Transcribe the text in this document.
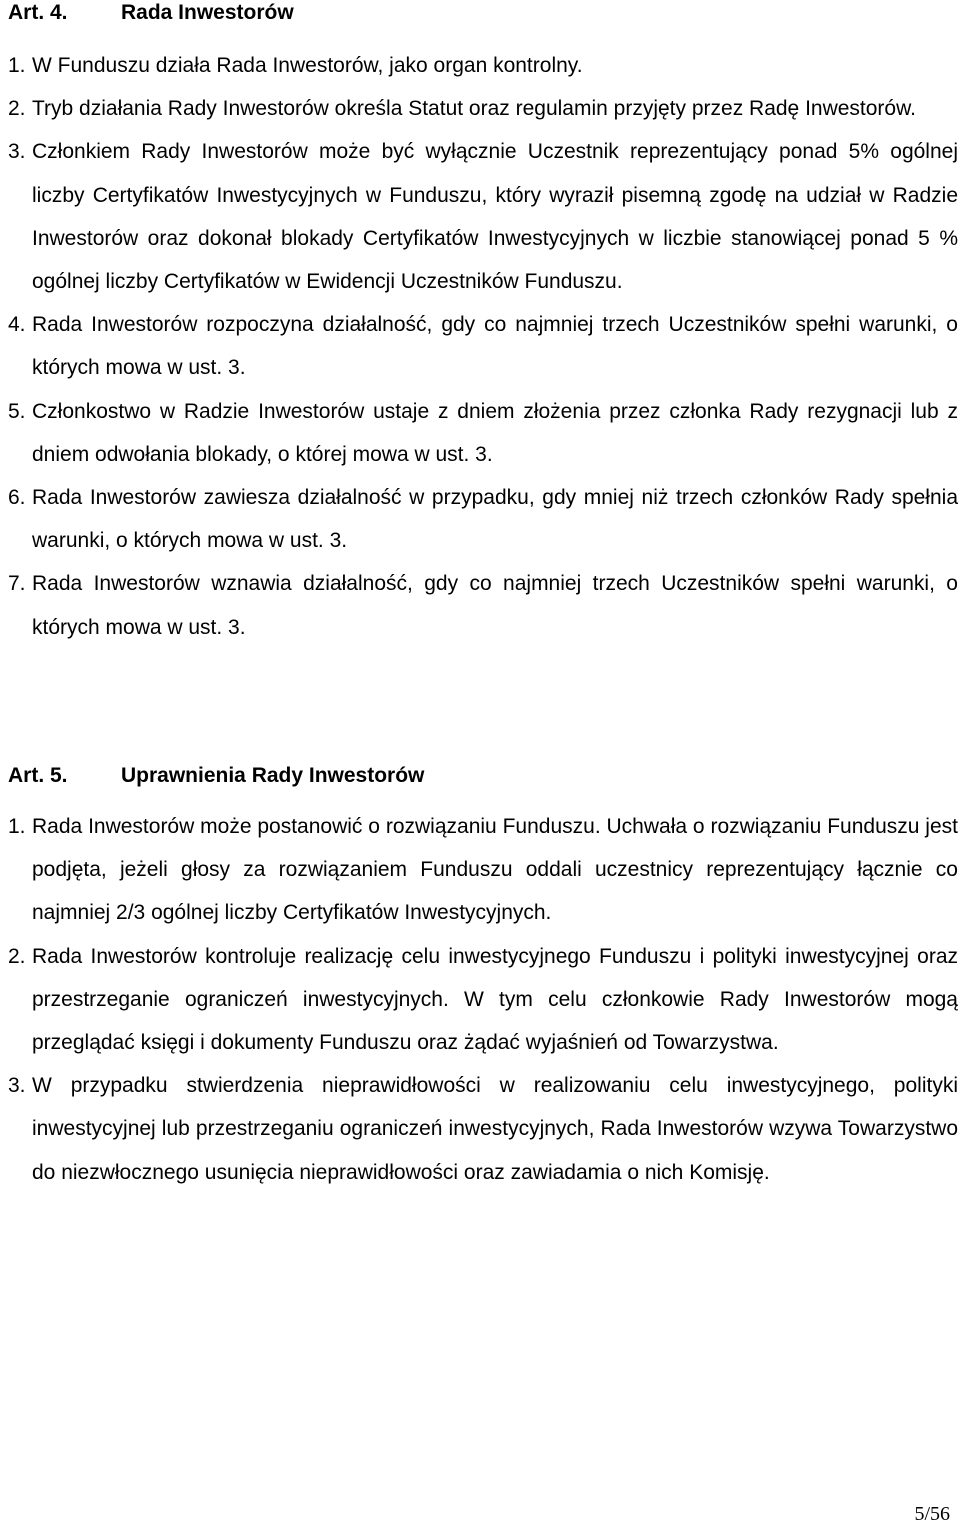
Art. 4.	Rada Inwestorów
1. W Funduszu działa Rada Inwestorów, jako organ kontrolny.
2. Tryb działania Rady Inwestorów określa Statut oraz regulamin przyjęty przez Radę Inwestorów.
3. Członkiem Rady Inwestorów może być wyłącznie Uczestnik reprezentujący ponad 5% ogólnej liczby Certyfikatów Inwestycyjnych w Funduszu, który wyraził pisemną zgodę na udział w Radzie Inwestorów oraz dokonał blokady Certyfikatów Inwestycyjnych w liczbie stanowiącej ponad 5 % ogólnej liczby Certyfikatów w Ewidencji Uczestników Funduszu.
4. Rada Inwestorów rozpoczyna działalność, gdy co najmniej trzech Uczestników spełni warunki, o których mowa w ust. 3.
5. Członkostwo w Radzie Inwestorów ustaje z dniem złożenia przez członka Rady rezygnacji lub z dniem odwołania blokady, o której mowa w ust. 3.
6. Rada Inwestorów zawiesza działalność w przypadku, gdy mniej niż trzech członków Rady spełnia warunki, o których mowa w ust. 3.
7. Rada Inwestorów wznawia działalność, gdy co najmniej trzech Uczestników spełni warunki, o których mowa w ust. 3.
Art. 5.	Uprawnienia Rady Inwestorów
1. Rada Inwestorów może postanowić o rozwiązaniu Funduszu. Uchwała o rozwiązaniu Funduszu jest podjęta, jeżeli głosy za rozwiązaniem Funduszu oddali uczestnicy reprezentujący łącznie co najmniej 2/3 ogólnej liczby Certyfikatów Inwestycyjnych.
2. Rada Inwestorów kontroluje realizację celu inwestycyjnego Funduszu i polityki inwestycyjnej oraz przestrzeganie ograniczeń inwestycyjnych. W tym celu członkowie Rady Inwestorów mogą przeglądać księgi i dokumenty Funduszu oraz żądać wyjaśnień od Towarzystwa.
3. W przypadku stwierdzenia nieprawidłowości w realizowaniu celu inwestycyjnego, polityki inwestycyjnej lub przestrzeganiu ograniczeń inwestycyjnych, Rada Inwestorów wzywa Towarzystwo do niezwłocznego usunięcia nieprawidłowości oraz zawiadamia o nich Komisję.
5/56
